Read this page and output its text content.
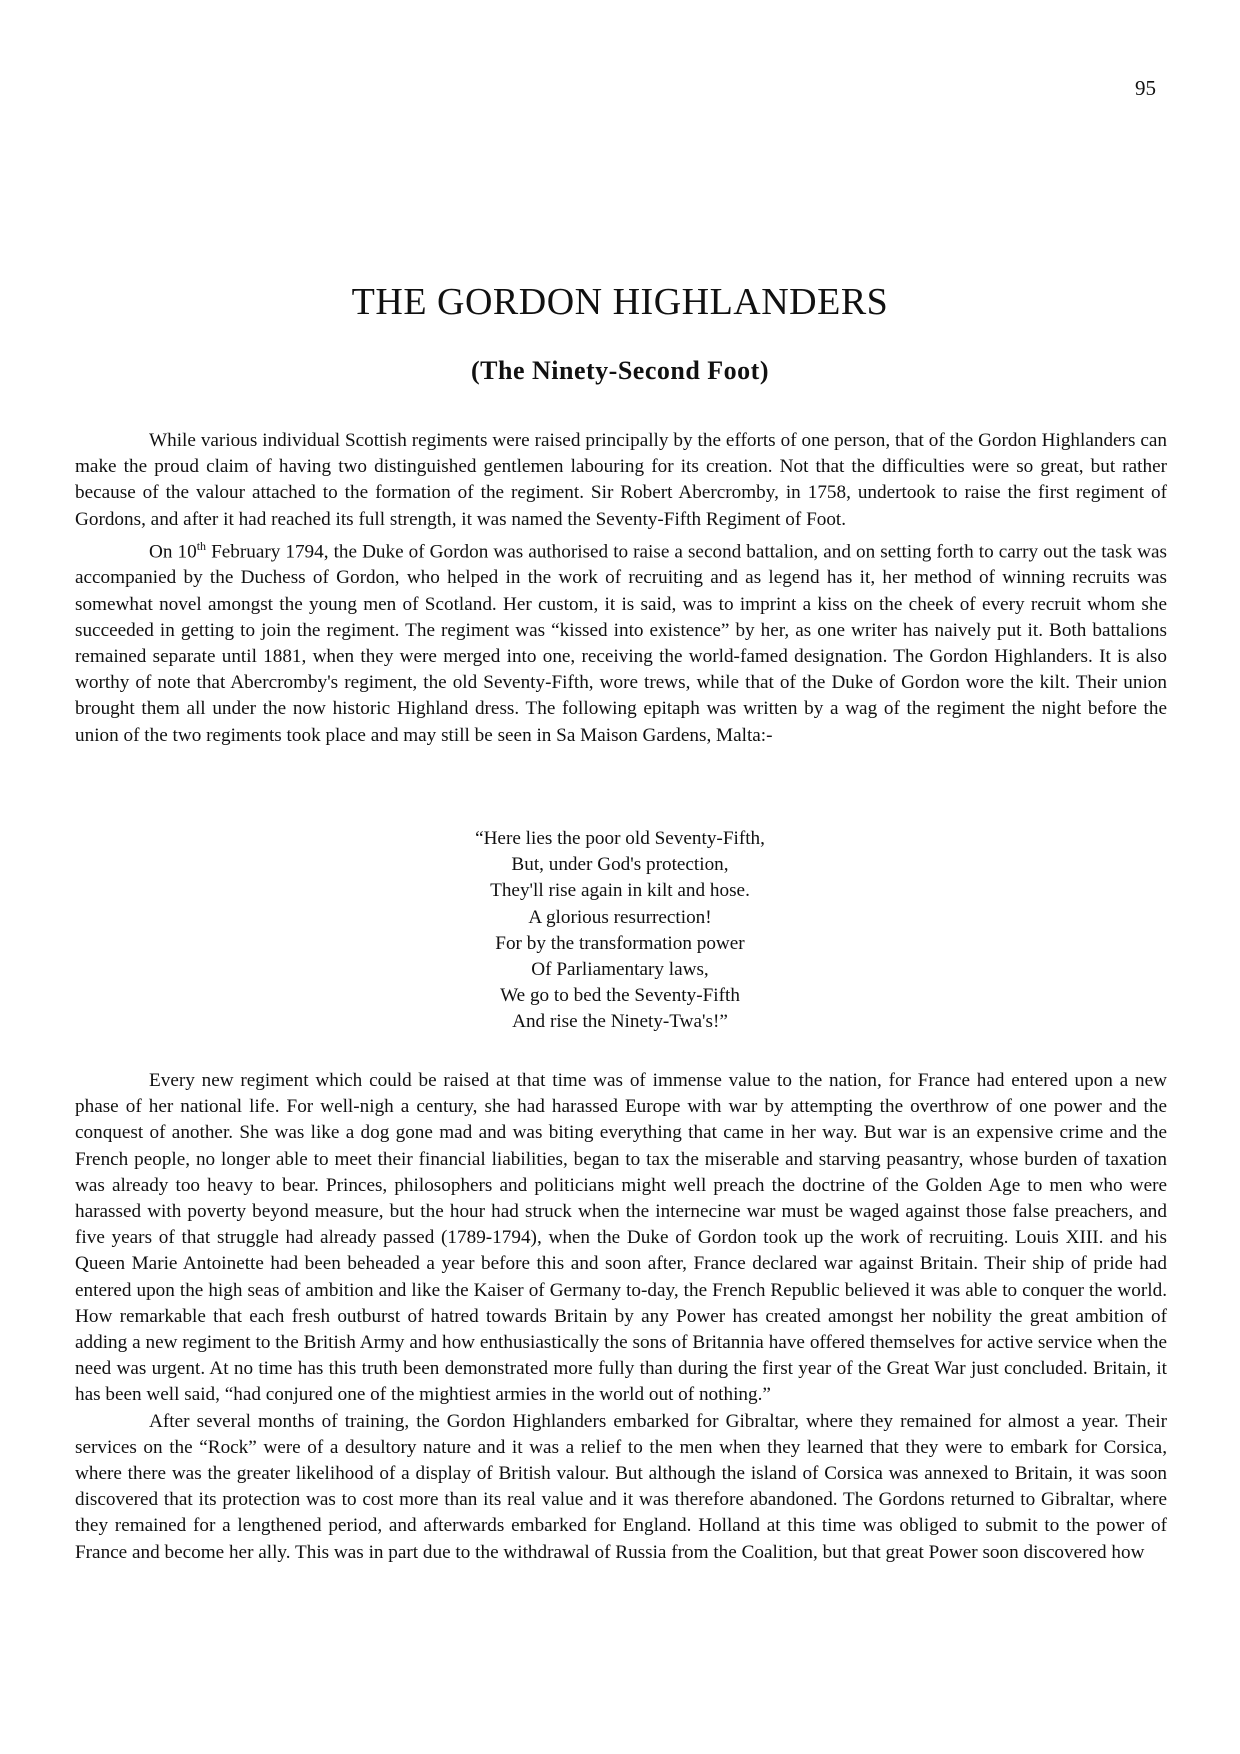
95
THE GORDON HIGHLANDERS
(The Ninety-Second Foot)

While various individual Scottish regiments were raised principally by the efforts of one person, that of the Gordon Highlanders can make the proud claim of having two distinguished gentlemen labouring for its creation. Not that the difficulties were so great, but rather because of the valour attached to the formation of the regiment. Sir Robert Abercromby, in 1758, undertook to raise the first regiment of Gordons, and after it had reached its full strength, it was named the Seventy-Fifth Regiment of Foot.

On 10th February 1794, the Duke of Gordon was authorised to raise a second battalion, and on setting forth to carry out the task was accompanied by the Duchess of Gordon, who helped in the work of recruiting and as legend has it, her method of winning recruits was somewhat novel amongst the young men of Scotland. Her custom, it is said, was to imprint a kiss on the cheek of every recruit whom she succeeded in getting to join the regiment. The regiment was “kissed into existence” by her, as one writer has naively put it. Both battalions remained separate until 1881, when they were merged into one, receiving the world-famed designation. The Gordon Highlanders. It is also worthy of note that Abercromby's regiment, the old Seventy-Fifth, wore trews, while that of the Duke of Gordon wore the kilt. Their union brought them all under the now historic Highland dress. The following epitaph was written by a wag of the regiment the night before the union of the two regiments took place and may still be seen in Sa Maison Gardens, Malta:-

“Here lies the poor old Seventy-Fifth,
But, under God's protection,
They'll rise again in kilt and hose.
A glorious resurrection!
For by the transformation power
Of Parliamentary laws,
We go to bed the Seventy-Fifth
And rise the Ninety-Twa's!”

Every new regiment which could be raised at that time was of immense value to the nation, for France had entered upon a new phase of her national life. For well-nigh a century, she had harassed Europe with war by attempting the overthrow of one power and the conquest of another. She was like a dog gone mad and was biting everything that came in her way. But war is an expensive crime and the French people, no longer able to meet their financial liabilities, began to tax the miserable and starving peasantry, whose burden of taxation was already too heavy to bear. Princes, philosophers and politicians might well preach the doctrine of the Golden Age to men who were harassed with poverty beyond measure, but the hour had struck when the internecine war must be waged against those false preachers, and five years of that struggle had already passed (1789-1794), when the Duke of Gordon took up the work of recruiting. Louis XIII. and his Queen Marie Antoinette had been beheaded a year before this and soon after, France declared war against Britain. Their ship of pride had entered upon the high seas of ambition and like the Kaiser of Germany to-day, the French Republic believed it was able to conquer the world. How remarkable that each fresh outburst of hatred towards Britain by any Power has created amongst her nobility the great ambition of adding a new regiment to the British Army and how enthusiastically the sons of Britannia have offered themselves for active service when the need was urgent. At no time has this truth been demonstrated more fully than during the first year of the Great War just concluded. Britain, it has been well said, “had conjured one of the mightiest armies in the world out of nothing.”

After several months of training, the Gordon Highlanders embarked for Gibraltar, where they remained for almost a year. Their services on the “Rock” were of a desultory nature and it was a relief to the men when they learned that they were to embark for Corsica, where there was the greater likelihood of a display of British valour. But although the island of Corsica was annexed to Britain, it was soon discovered that its protection was to cost more than its real value and it was therefore abandoned. The Gordons returned to Gibraltar, where they remained for a lengthened period, and afterwards embarked for England. Holland at this time was obliged to submit to the power of France and become her ally. This was in part due to the withdrawal of Russia from the Coalition, but that great Power soon discovered how
